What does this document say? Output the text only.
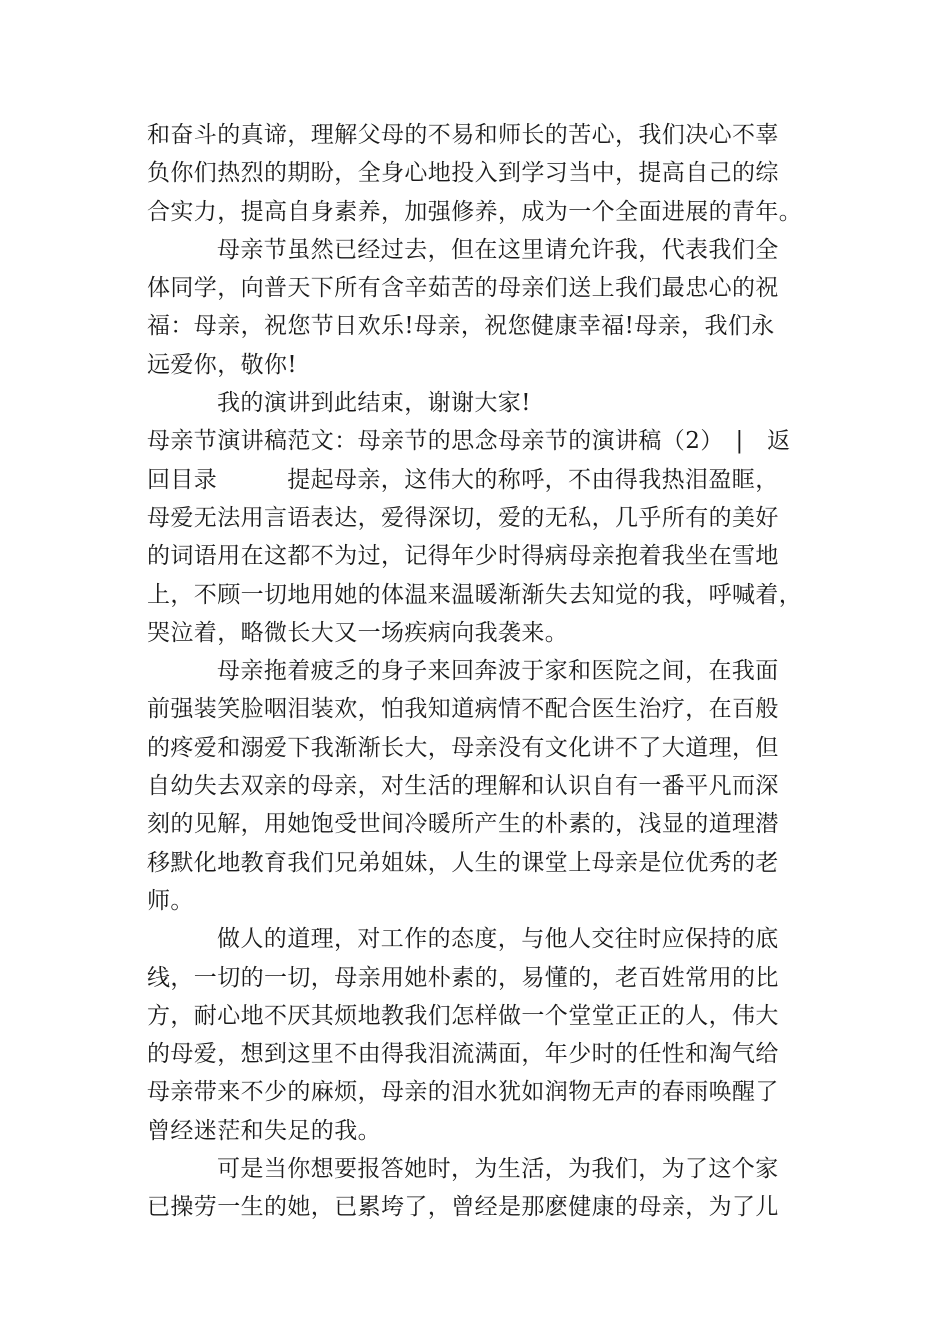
和奋斗的真谛，理解父母的不易和师长的苦心，我们决心不辜
负你们热烈的期盼，全身心地投入到学习当中，提高自己的综
合实力，提高自身素养，加强修养，成为一个全面进展的青年。
母亲节虽然已经过去，但在这里请允许我，代表我们全
体同学，向普天下所有含辛茹苦的母亲们送上我们最忠心的祝
福：母亲，祝您节日欢乐!母亲，祝您健康幸福!母亲，我们永
远爱你，敬你!
我的演讲到此结束，谢谢大家!
母亲节演讲稿范文：母亲节的思念母亲节的演讲稿（2）　|　返
回目录	提起母亲，这伟大的称呼，不由得我热泪盈眶，
母爱无法用言语表达，爱得深切，爱的无私，几乎所有的美好
的词语用在这都不为过，记得年少时得病母亲抱着我坐在雪地
上，不顾一切地用她的体温来温暖渐渐失去知觉的我，呼喊着，
哭泣着，略微长大又一场疾病向我袭来。
母亲拖着疲乏的身子来回奔波于家和医院之间，在我面
前强装笑脸咽泪装欢，怕我知道病情不配合医生治疗，在百般
的疼爱和溺爱下我渐渐长大，母亲没有文化讲不了大道理，但
自幼失去双亲的母亲，对生活的理解和认识自有一番平凡而深
刻的见解，用她饱受世间冷暖所产生的朴素的，浅显的道理潜
移默化地教育我们兄弟姐妹，人生的课堂上母亲是位优秀的老
师。
做人的道理，对工作的态度，与他人交往时应保持的底
线，一切的一切，母亲用她朴素的，易懂的，老百姓常用的比
方，耐心地不厌其烦地教我们怎样做一个堂堂正正的人，伟大
的母爱，想到这里不由得我泪流满面，年少时的任性和淘气给
母亲带来不少的麻烦，母亲的泪水犹如润物无声的春雨唤醒了
曾经迷茫和失足的我。
可是当你想要报答她时，为生活，为我们，为了这个家
已操劳一生的她，已累垮了，曾经是那麽健康的母亲，为了儿
